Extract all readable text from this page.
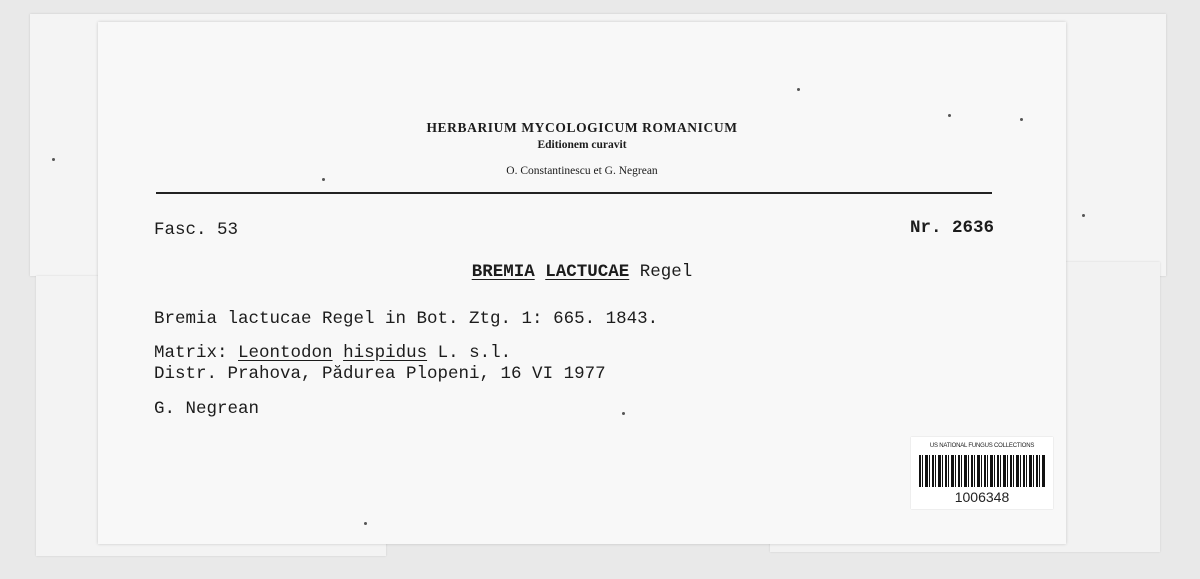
HERBARIUM MYCOLOGICUM ROMANICUM
Editionem curavit
O. Constantinescu et G. Negrean
Fasc. 53	Nr. 2636
BREMIA LACTUCAE Regel
Bremia lactucae Regel in Bot. Ztg. 1: 665. 1843.
Matrix: Leontodon hispidus L. s.l.
Distr. Prahova, Pădurea Plopeni, 16 VI 1977
G. Negrean
US NATIONAL FUNGUS COLLECTIONS
1006348
